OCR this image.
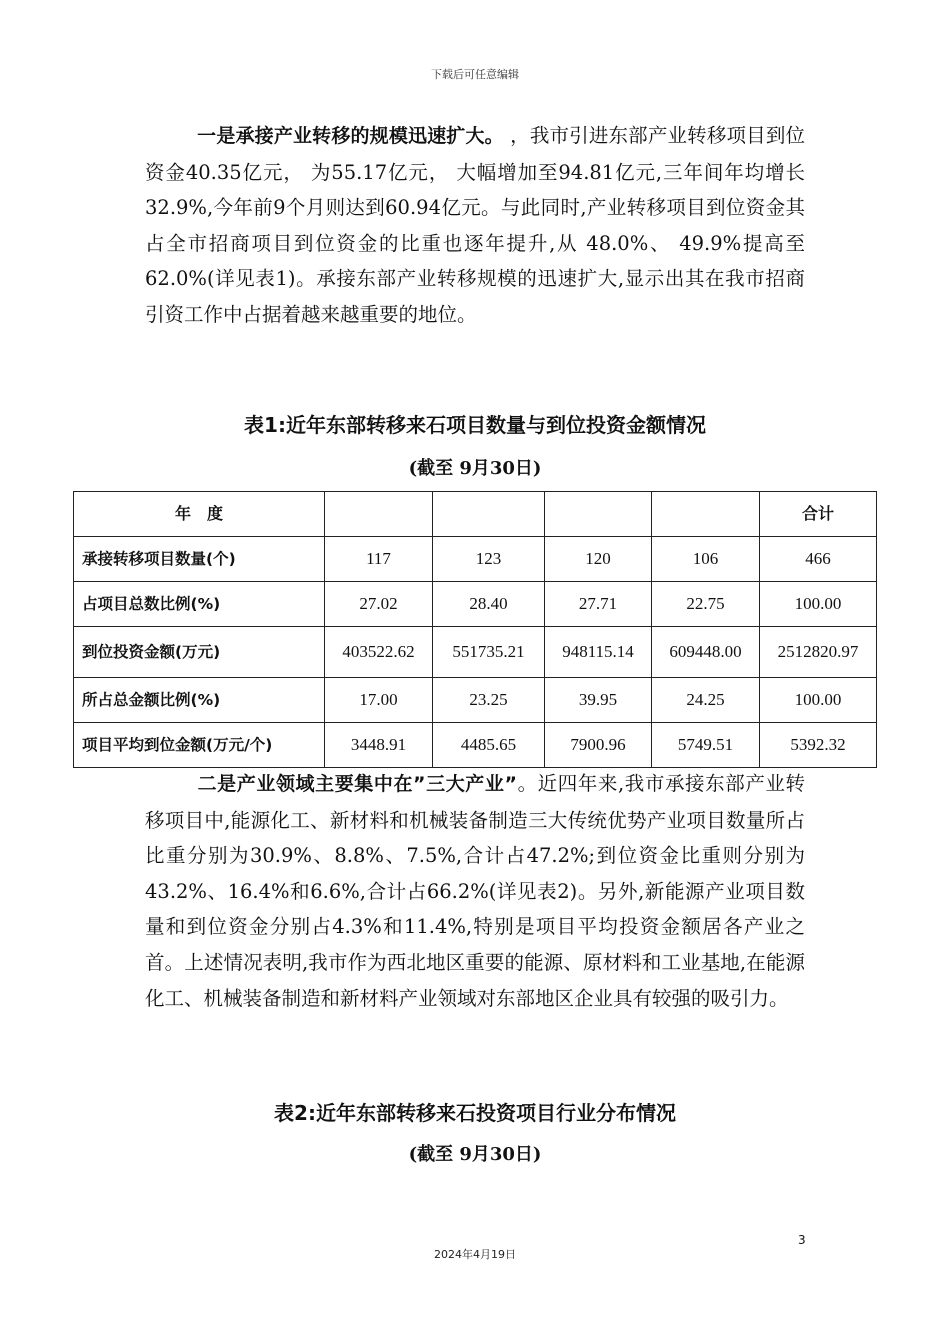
下载后可任意编辑

一是承接产业转移的规模迅速扩大。 ，我市引进东部产业转移项目到位资金40.35亿元， 为55.17亿元， 大幅增加至94.81亿元,三年间年均增长32.9%,今年前9个月则达到60.94亿元。与此同时,产业转移项目到位资金其占全市招商项目到位资金的比重也逐年提升,从 48.0%、 49.9%提高至 62.0%(详见表1)。承接东部产业转移规模的迅速扩大,显示出其在我市招商引资工作中占据着越来越重要的地位。

表1:近年东部转移来石项目数量与到位投资金额情况
(截至 9月30日)
年　度					合计
承接转移项目数量(个)	117	123	120	106	466
占项目总数比例(%)	27.02	28.40	27.71	22.75	100.00
到位投资金额(万元)	403522.62	551735.21	948115.14	609448.00	2512820.97
所占总金额比例(%)	17.00	23.25	39.95	24.25	100.00
项目平均到位金额(万元/个)	3448.91	4485.65	7900.96	5749.51	5392.32

二是产业领域主要集中在”三大产业”。近四年来,我市承接东部产业转移项目中,能源化工、新材料和机械装备制造三大传统优势产业项目数量所占比重分别为30.9%、8.8%、7.5%,合计占47.2%;到位资金比重则分别为43.2%、16.4%和6.6%,合计占66.2%(详见表2)。另外,新能源产业项目数量和到位资金分别占4.3%和11.4%,特别是项目平均投资金额居各产业之首。上述情况表明,我市作为西北地区重要的能源、原材料和工业基地,在能源化工、机械装备制造和新材料产业领域对东部地区企业具有较强的吸引力。

表2:近年东部转移来石投资项目行业分布情况
(截至 9月30日)
3
2024年4月19日
